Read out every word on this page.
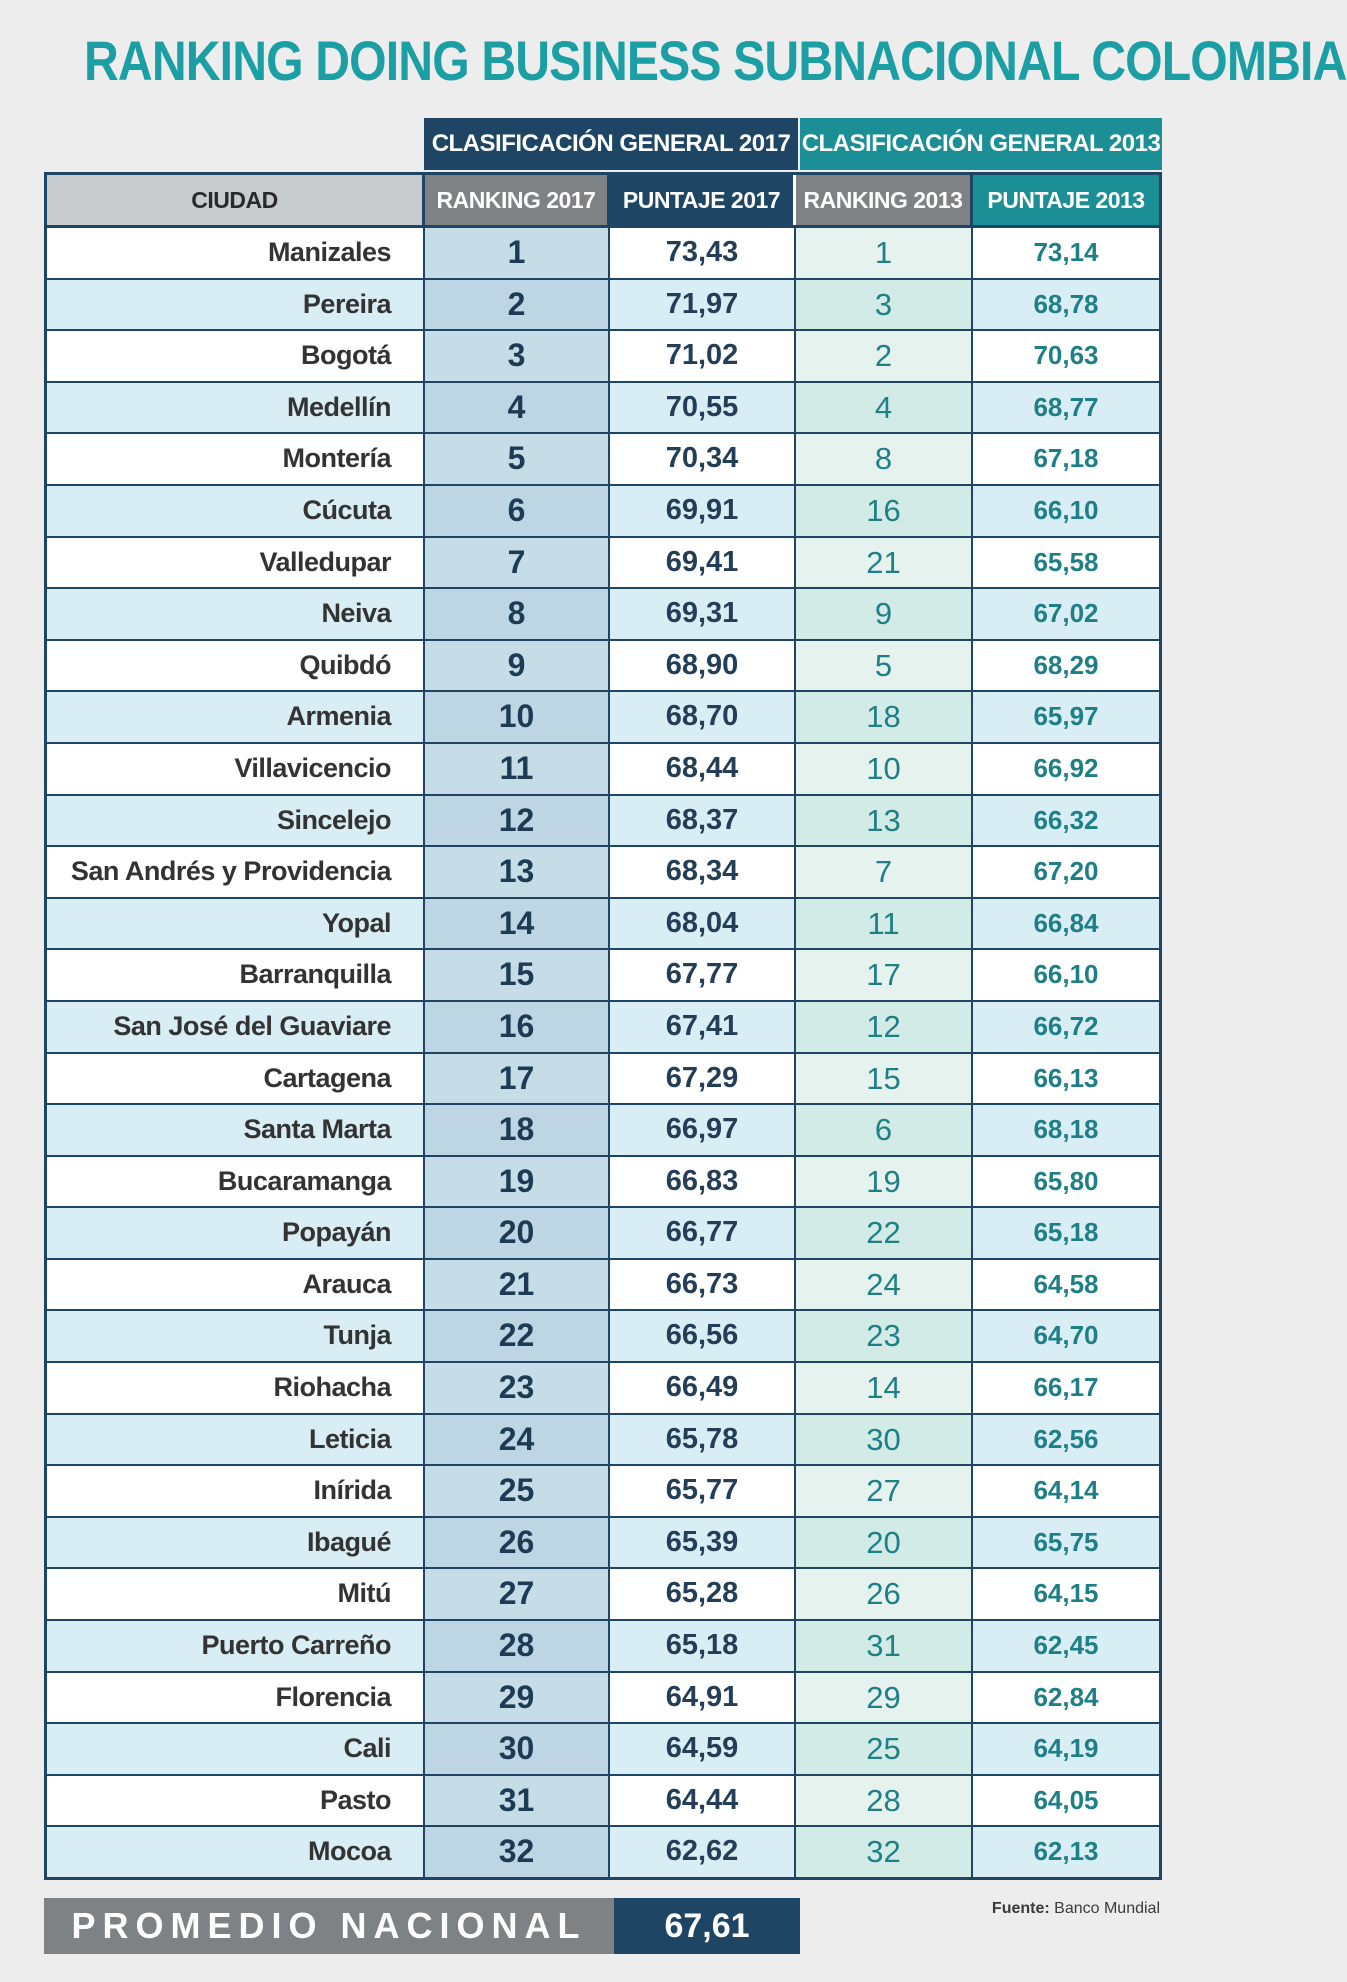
RANKING DOING BUSINESS SUBNACIONAL COLOMBIA
CLASIFICACIÓN GENERAL 2017 CLASIFICACIÓN GENERAL 2013
CIUDAD	RANKING 2017	PUNTAJE 2017	RANKING 2013	PUNTAJE 2013
Manizales	1	73,43	1	73,14
Pereira	2	71,97	3	68,78
Bogotá	3	71,02	2	70,63
Medellín	4	70,55	4	68,77
Montería	5	70,34	8	67,18
Cúcuta	6	69,91	16	66,10
Valledupar	7	69,41	21	65,58
Neiva	8	69,31	9	67,02
Quibdó	9	68,90	5	68,29
Armenia	10	68,70	18	65,97
Villavicencio	11	68,44	10	66,92
Sincelejo	12	68,37	13	66,32
San Andrés y Providencia	13	68,34	7	67,20
Yopal	14	68,04	11	66,84
Barranquilla	15	67,77	17	66,10
San José del Guaviare	16	67,41	12	66,72
Cartagena	17	67,29	15	66,13
Santa Marta	18	66,97	6	68,18
Bucaramanga	19	66,83	19	65,80
Popayán	20	66,77	22	65,18
Arauca	21	66,73	24	64,58
Tunja	22	66,56	23	64,70
Riohacha	23	66,49	14	66,17
Leticia	24	65,78	30	62,56
Inírida	25	65,77	27	64,14
Ibagué	26	65,39	20	65,75
Mitú	27	65,28	26	64,15
Puerto Carreño	28	65,18	31	62,45
Florencia	29	64,91	29	62,84
Cali	30	64,59	25	64,19
Pasto	31	64,44	28	64,05
Mocoa	32	62,62	32	62,13
PROMEDIO NACIONAL	67,61	Fuente: Banco Mundial
